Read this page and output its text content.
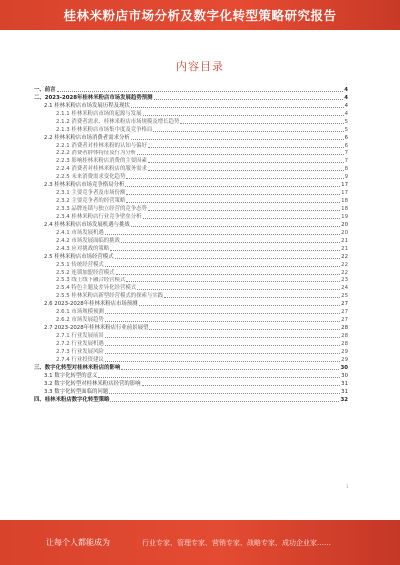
桂林米粉店市场分析及数字化转型策略研究报告
内容目录
一、前言	4
二、2023-2028年桂林米粉店市场发展趋势预测	4
2.1 桂林米粉店市场发展历程及现状	4
2.1.1 桂林米粉店市场的起源与发展	4
2.1.2 消费者需求、桂林米粉店市场规模及增长趋势	5
2.1.3 桂林米粉店市场集中度及竞争格局	5
2.2 桂林米粉店市场消费者需求分析	6
2.2.1 消费者对桂林米粉的认知与偏好	6
2.2.2 消费者群体特征及行为分析	7
2.2.3 影响桂林米粉店消费的主要因素	7
2.2.4 消费者对桂林米粉店的服务需求	8
2.2.5 未来消费需求变化趋势	9
2.3 桂林米粉店市场竞争格局分析	17
2.3.1 主要竞争者及市场份额	17
2.3.2 主要竞争者的经营策略	18
2.3.3 品牌连锁与独立经营的竞争态势	18
2.3.4 桂林米粉店行业竞争壁垒分析	19
2.4 桂林米粉店市场发展机遇与挑战	20
2.4.1 市场发展机遇	20
2.4.2 市场发展面临的挑战	21
2.4.3 应对挑战的策略	21
2.5 桂林米粉店市场经营模式	22
2.5.1 传统经营模式	22
2.5.2 连锁加盟经营模式	22
2.5.3 线上线下融合经营模式	23
2.5.4 特色主题及差异化经营模式	24
2.5.5 桂林米粉店新型经营模式的探索与实践	25
2.6 2023-2028年桂林米粉店市场预测	27
2.6.1 市场规模预测	27
2.6.2 市场发展趋势	27
2.7 2023-2028年桂林米粉店行业前景展望	28
2.7.1 行业发展前景	28
2.7.2 行业发展机遇	28
2.7.3 行业发展风险	29
2.7.4 行业投资建议	29
三、数字化转型对桂林米粉店的影响	30
3.1 数字化转型的意义	30
3.2 数字化转型对桂林米粉店经营的影响	31
3.3 数字化转型面临的问题	31
四、桂林米粉店数字化转型策略	32
1
让每个人都能成为	行业专家、管理专家、营销专家、战略专家、成功企业家……
